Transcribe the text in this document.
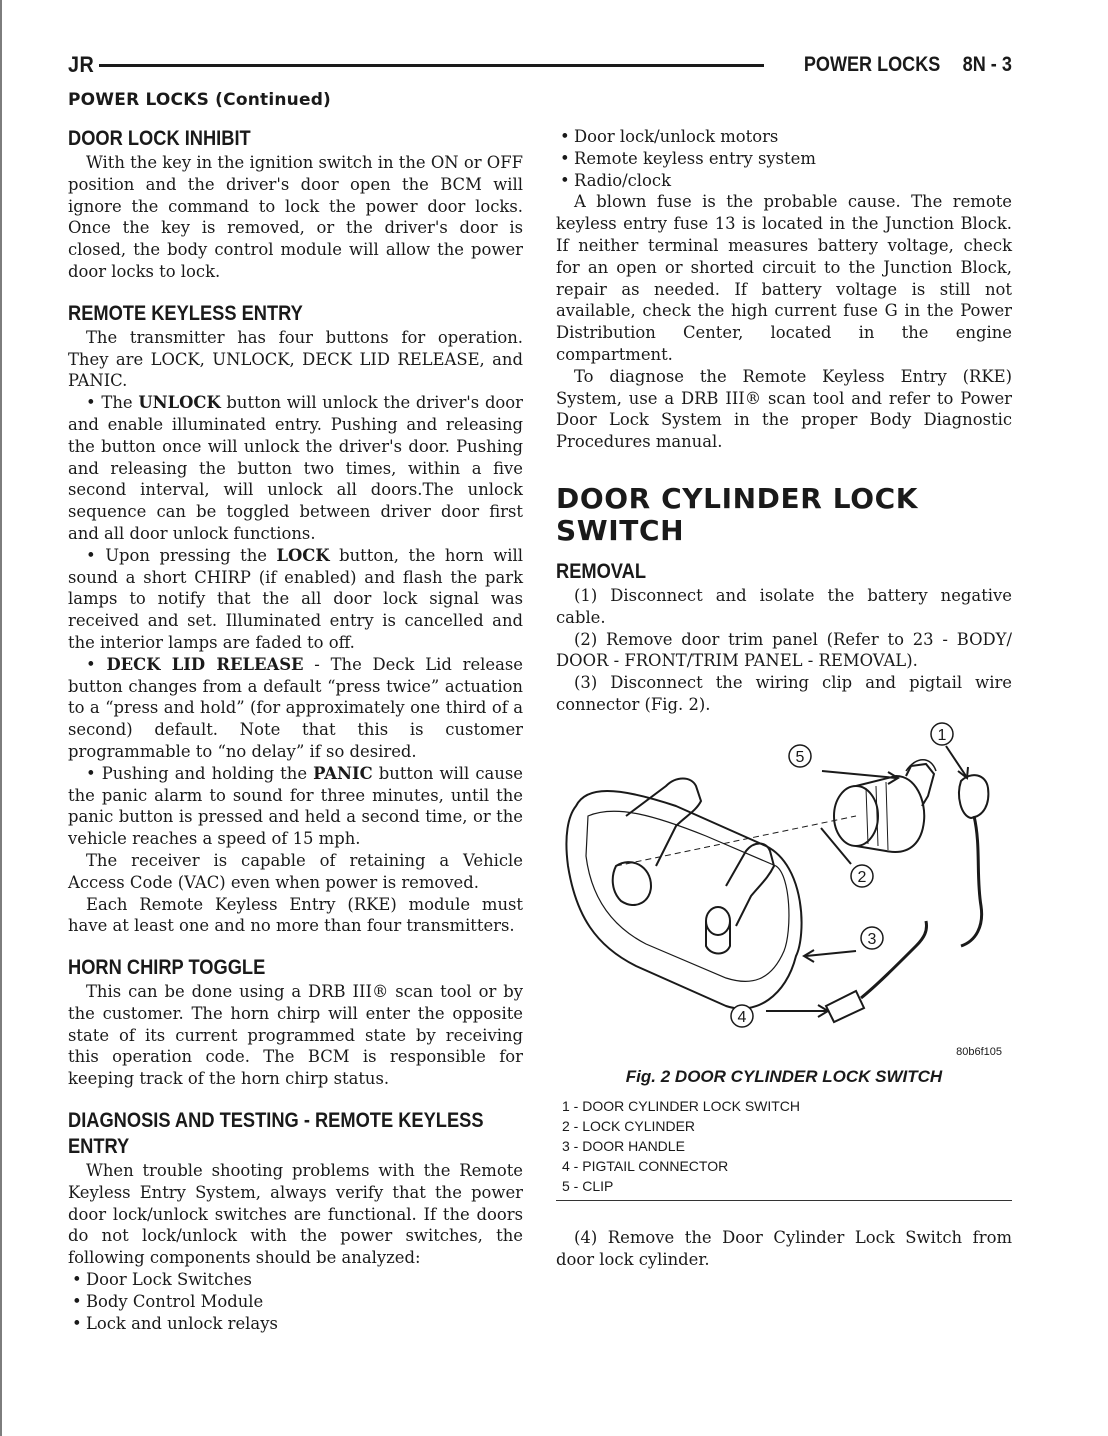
JR	POWER LOCKS 8N - 3
POWER LOCKS (Continued)
DOOR LOCK INHIBIT

With the key in the ignition switch in the ON or OFF position and the driver's door open the BCM will ignore the command to lock the power door locks. Once the key is removed, or the driver's door is closed, the body control module will allow the power door locks to lock.

REMOTE KEYLESS ENTRY

The transmitter has four buttons for operation. They are LOCK, UNLOCK, DECK LID RELEASE, and PANIC.

• The UNLOCK button will unlock the driver's door and enable illuminated entry. Pushing and releasing the button once will unlock the driver's door. Pushing and releasing the button two times, within a five second interval, will unlock all doors.The unlock sequence can be toggled between driver door first and all door unlock functions.

• Upon pressing the LOCK button, the horn will sound a short CHIRP (if enabled) and flash the park lamps to notify that the all door lock signal was received and set. Illuminated entry is cancelled and the interior lamps are faded to off.

• DECK LID RELEASE - The Deck Lid release button changes from a default “press twice” actuation to a “press and hold” (for approximately one third of a second) default. Note that this is customer programmable to “no delay” if so desired.

• Pushing and holding the PANIC button will cause the panic alarm to sound for three minutes, until the panic button is pressed and held a second time, or the vehicle reaches a speed of 15 mph.

The receiver is capable of retaining a Vehicle Access Code (VAC) even when power is removed.

Each Remote Keyless Entry (RKE) module must have at least one and no more than four transmitters.

HORN CHIRP TOGGLE

This can be done using a DRB III® scan tool or by the customer. The horn chirp will enter the opposite state of its current programmed state by receiving this operation code. The BCM is responsible for keeping track of the horn chirp status.

DIAGNOSIS AND TESTING - REMOTE KEYLESS ENTRY

When trouble shooting problems with the Remote Keyless Entry System, always verify that the power door lock/unlock switches are functional. If the doors do not lock/unlock with the power switches, the following components should be analyzed:

• Door Lock Switches
• Body Control Module
• Lock and unlock relays
• Door lock/unlock motors
• Remote keyless entry system
• Radio/clock

A blown fuse is the probable cause. The remote keyless entry fuse 13 is located in the Junction Block. If neither terminal measures battery voltage, check for an open or shorted circuit to the Junction Block, repair as needed. If battery voltage is still not available, check the high current fuse G in the Power Distribution Center, located in the engine compartment.

To diagnose the Remote Keyless Entry (RKE) System, use a DRB III® scan tool and refer to Power Door Lock System in the proper Body Diagnostic Procedures manual.

DOOR CYLINDER LOCK SWITCH
REMOVAL

(1) Disconnect and isolate the battery negative cable.

(2) Remove door trim panel (Refer to 23 - BODY/ DOOR - FRONT/TRIM PANEL - REMOVAL).

(3) Disconnect the wiring clip and pigtail wire connector (Fig. 2).

1
2
3
4
5
80b6f105

Fig. 2 DOOR CYLINDER LOCK SWITCH

1 - DOOR CYLINDER LOCK SWITCH
2 - LOCK CYLINDER
3 - DOOR HANDLE
4 - PIGTAIL CONNECTOR
5 - CLIP

(4) Remove the Door Cylinder Lock Switch from door lock cylinder.
